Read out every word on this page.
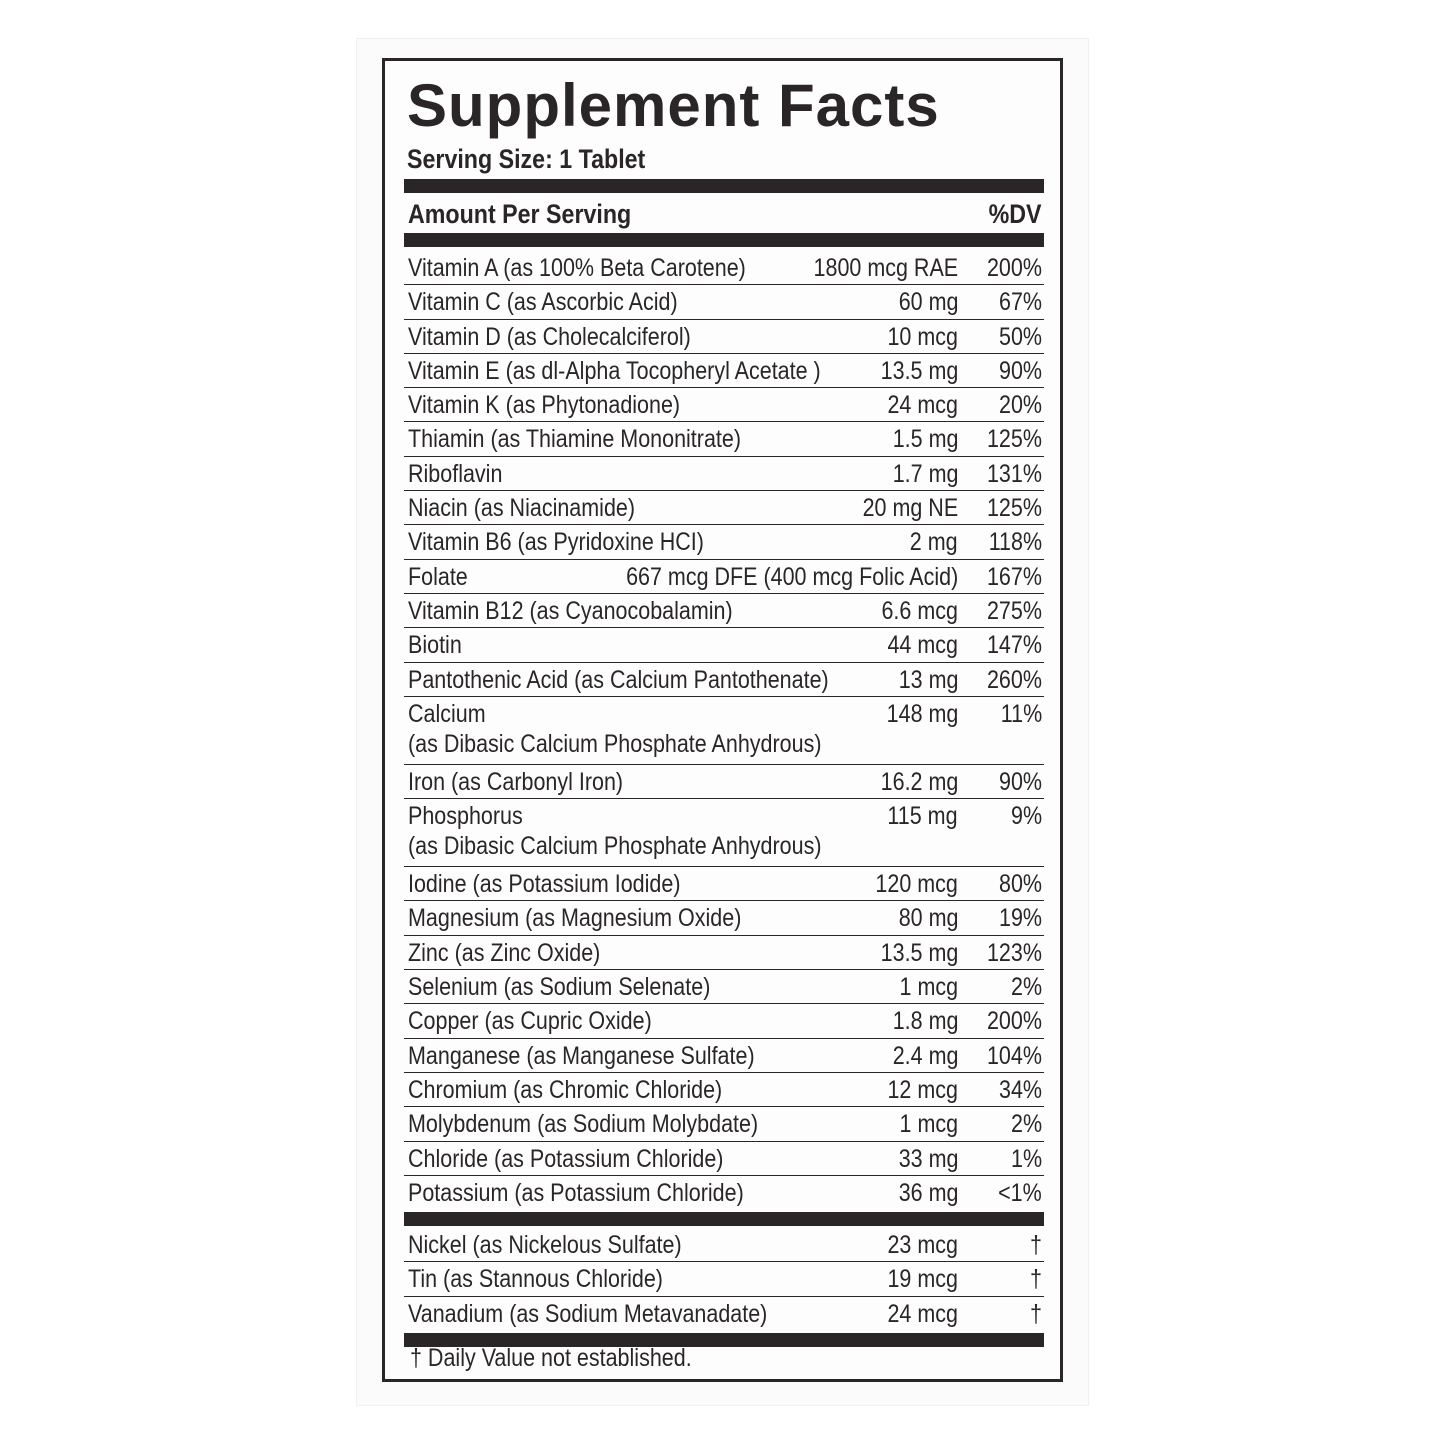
Supplement Facts
Serving Size: 1 Tablet
Amount Per Serving	%DV
Vitamin A (as 100% Beta Carotene)	1800 mcg RAE 200%
Vitamin C (as Ascorbic Acid)	60 mg 67%
Vitamin D (as Cholecalciferol)	10 mcg 50%
Vitamin E (as dl-Alpha Tocopheryl Acetate ) 13.5 mg 90%
Vitamin K (as Phytonadione)	24 mcg 20%
Thiamin (as Thiamine Mononitrate)	1.5 mg 125%
Riboflavin	1.7 mg 131%
Niacin (as Niacinamide)	20 mg NE 125%
Vitamin B6 (as Pyridoxine HCI)	2 mg 118%
Folate	667 mcg DFE (400 mcg Folic Acid) 167%
Vitamin B12 (as Cyanocobalamin)	6.6 mcg 275%
Biotin	44 mcg 147%
Pantothenic Acid (as Calcium Pantothenate)	13 mg 260%
Calcium
(as Dibasic Calcium Phosphate Anhydrous)
148 mg 11%
Iron (as Carbonyl Iron)	16.2 mg 90%
Phosphorus
(as Dibasic Calcium Phosphate Anhydrous)
115 mg 9%
Iodine (as Potassium Iodide)	120 mcg 80%
Magnesium (as Magnesium Oxide)	80 mg 19%
Zinc (as Zinc Oxide)	13.5 mg 123%
Selenium (as Sodium Selenate)	1 mcg 2%
Copper (as Cupric Oxide)	1.8 mg 200%
Manganese (as Manganese Sulfate)	2.4 mg 104%
Chromium (as Chromic Chloride)	12 mcg 34%
Molybdenum (as Sodium Molybdate)	1 mcg 2%
Chloride (as Potassium Chloride)	33 mg 1%
Potassium (as Potassium Chloride)	36 mg <1%
Nickel (as Nickelous Sulfate)	23 mcg	†
Tin (as Stannous Chloride)	19 mcg	†
Vanadium (as Sodium Metavanadate)	24 mcg	†
† Daily Value not established.
